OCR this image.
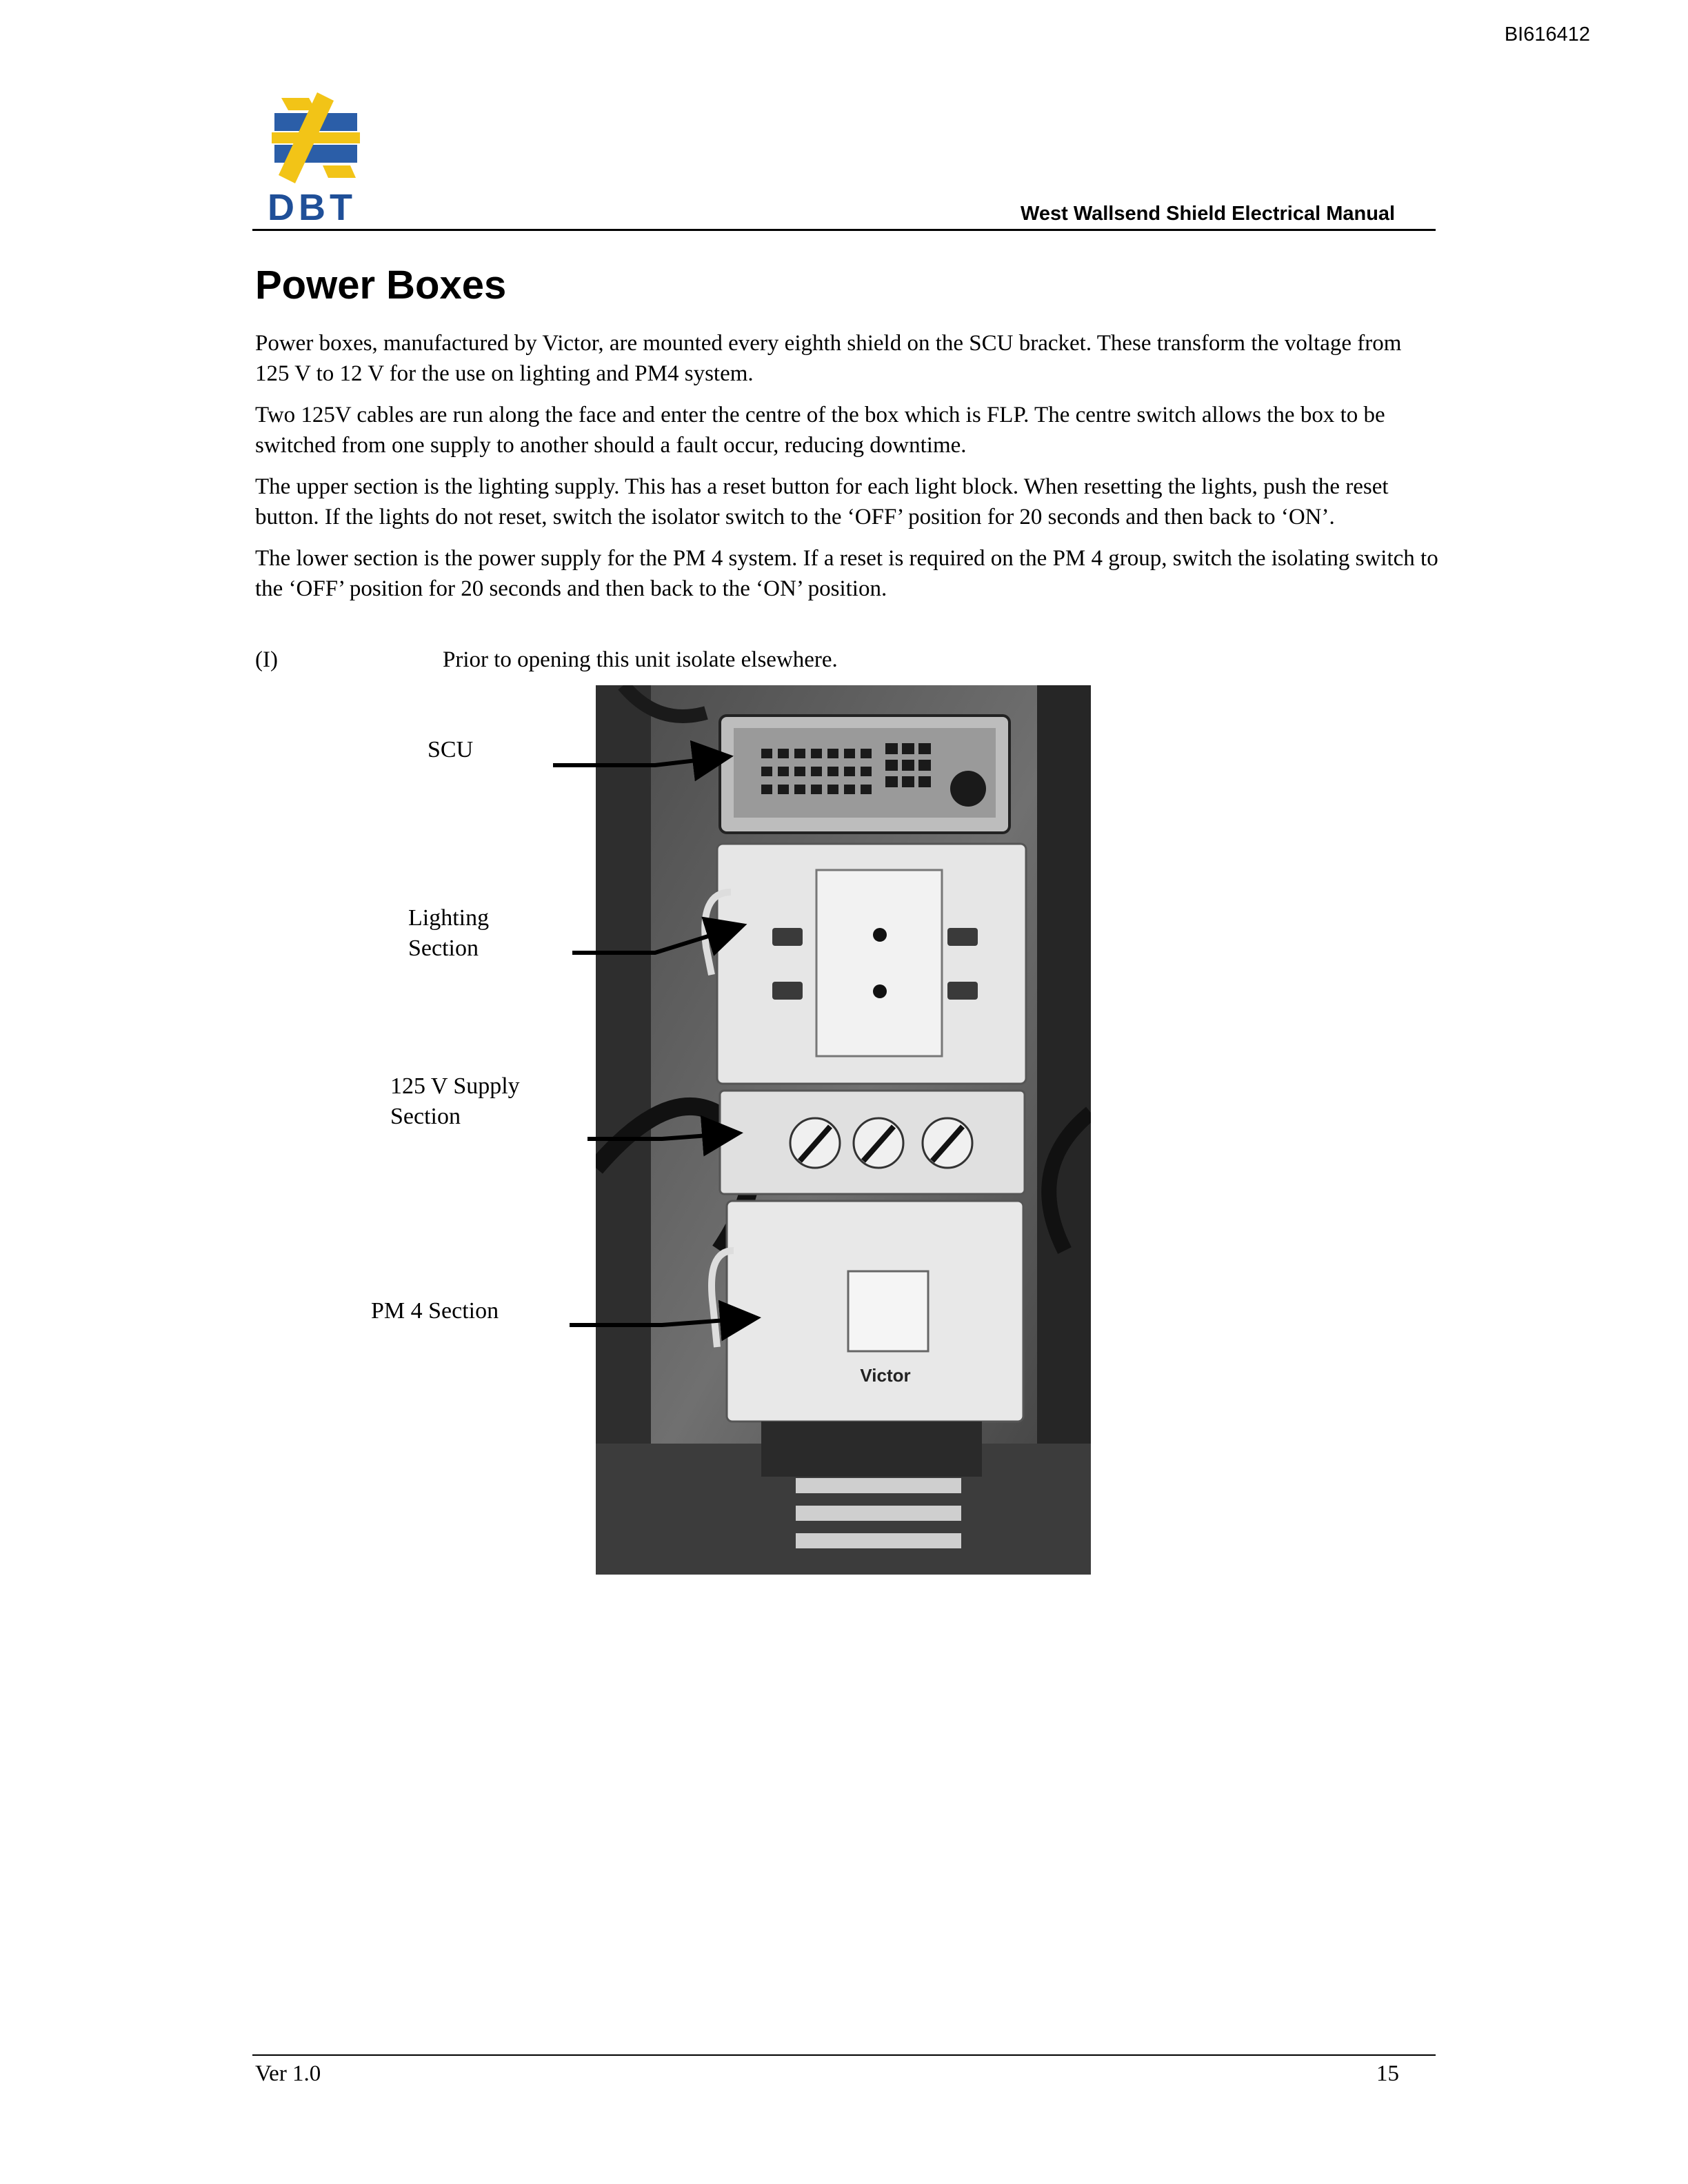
BI616412
DBT	West Wallsend Shield Electrical Manual
Power Boxes

Power boxes, manufactured by Victor, are mounted every eighth shield on the SCU bracket. These transform the voltage from 125 V to 12 V for the use on lighting and PM4 system.

Two 125V cables are run along the face and enter the centre of the box which is FLP. The centre switch allows the box to be switched from one supply to another should a fault occur, reducing downtime.

The upper section is the lighting supply. This has a reset button for each light block. When resetting the lights, push the reset button. If the lights do not reset, switch the isolator switch to the ‘OFF’ position for 20 seconds and then back to ‘ON’.

The lower section is the power supply for the PM 4 system. If a reset is required on the PM 4 group, switch the isolating switch to the ‘OFF’ position for 20 seconds and then back to the ‘ON’ position.

(I)	Prior to opening this unit isolate elsewhere.
Victor
SCU
Lighting
Section
125 V Supply
Section
PM 4 Section
Ver 1.0	15
